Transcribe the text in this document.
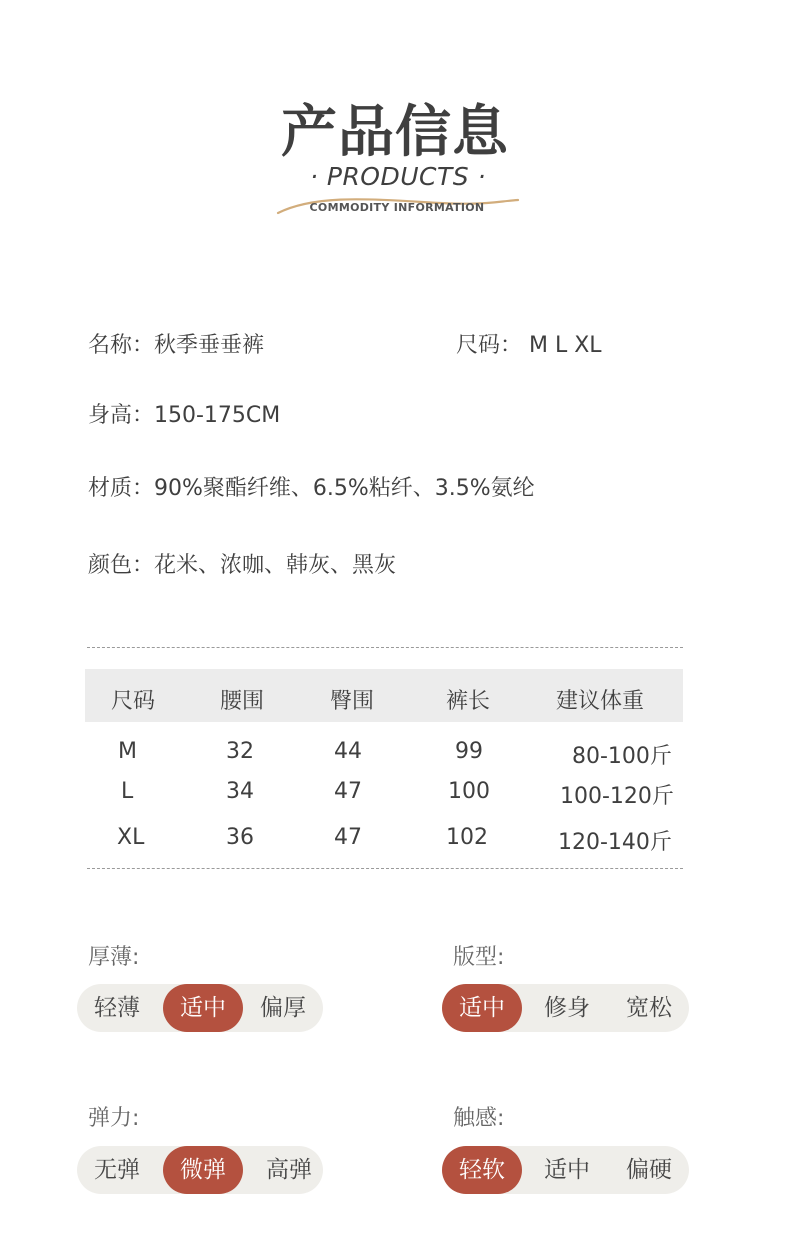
产品信息
· PRODUCTS ·
COMMODITY INFORMATION
名称：秋季垂垂裤	尺码： M L XL
身高：150-175CM
材质：90%聚酯纤维、6.5%粘纤、3.5%氨纶
颜色：花米、浓咖、韩灰、黑灰
尺码	腰围	臀围	裤长	建议体重
M	32	44	99	80-100斤
L	34	47	100	100-120斤
XL	36	47	102	120-140斤
厚薄:
轻薄	适中	偏厚
版型:
适中	修身	宽松
弹力:
无弹	微弹	高弹
触感:
轻软	适中	偏硬
